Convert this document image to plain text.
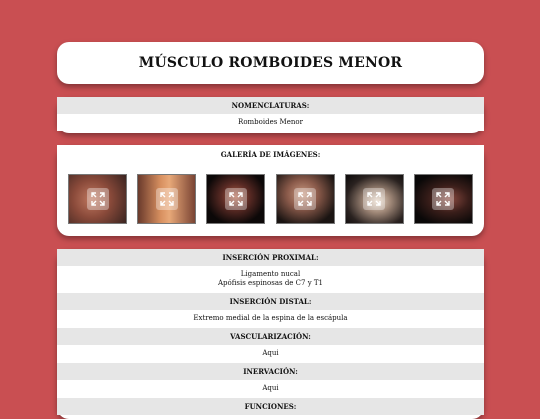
MÚSCULO ROMBOIDES MENOR
NOMENCLATURAS:
Romboides Menor
GALERÍA DE IMÁGENES:
INSERCIÓN PROXIMAL:
Ligamento nucal
Apófisis espinosas de C7 y T1
INSERCIÓN DISTAL:
Extremo medial de la espina de la escápula
VASCULARIZACIÓN:
Aqui
INERVACIÓN:
Aqui
FUNCIONES:
